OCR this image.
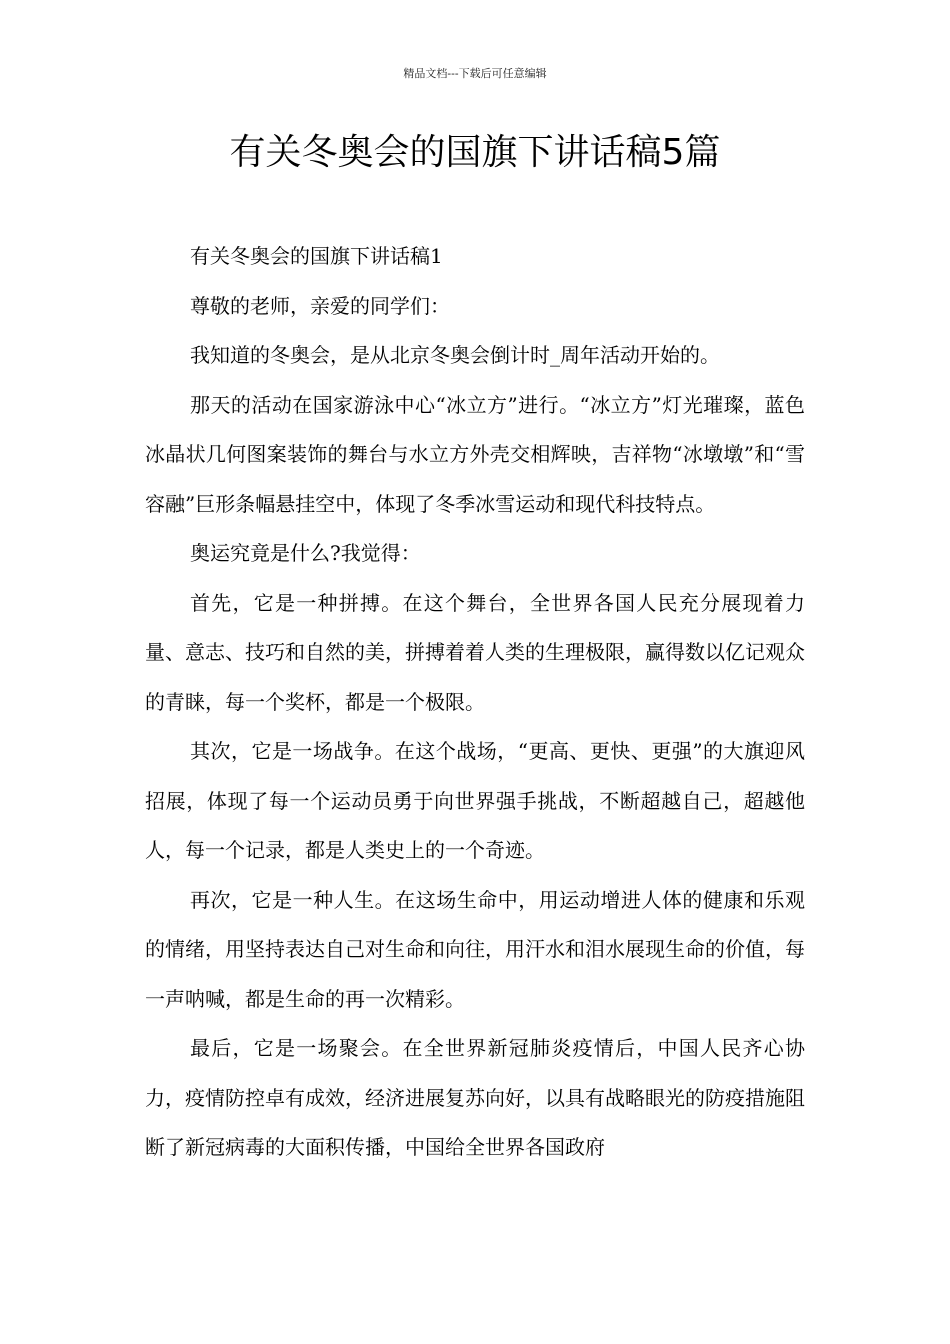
精品文档---下载后可任意编辑
有关冬奥会的国旗下讲话稿5篇

有关冬奥会的国旗下讲话稿1

尊敬的老师，亲爱的同学们：

我知道的冬奥会，是从北京冬奥会倒计时_周年活动开始的。

那天的活动在国家游泳中心“冰立方”进行。“冰立方”灯光璀璨，蓝色冰晶状几何图案装饰的舞台与水立方外壳交相辉映，吉祥物“冰墩墩”和“雪容融”巨形条幅悬挂空中，体现了冬季冰雪运动和现代科技特点。

奥运究竟是什么?我觉得：

首先，它是一种拼搏。在这个舞台，全世界各国人民充分展现着力量、意志、技巧和自然的美，拼搏着着人类的生理极限，赢得数以亿记观众的青睐，每一个奖杯，都是一个极限。

其次，它是一场战争。在这个战场，“更高、更快、更强”的大旗迎风招展，体现了每一个运动员勇于向世界强手挑战，不断超越自己，超越他人，每一个记录，都是人类史上的一个奇迹。

再次，它是一种人生。在这场生命中，用运动增进人体的健康和乐观的情绪，用坚持表达自己对生命和向往，用汗水和泪水展现生命的价值，每一声呐喊，都是生命的再一次精彩。

最后，它是一场聚会。在全世界新冠肺炎疫情后，中国人民齐心协力，疫情防控卓有成效，经济进展复苏向好，以具有战略眼光的防疫措施阻断了新冠病毒的大面积传播，中国给全世界各国政府
